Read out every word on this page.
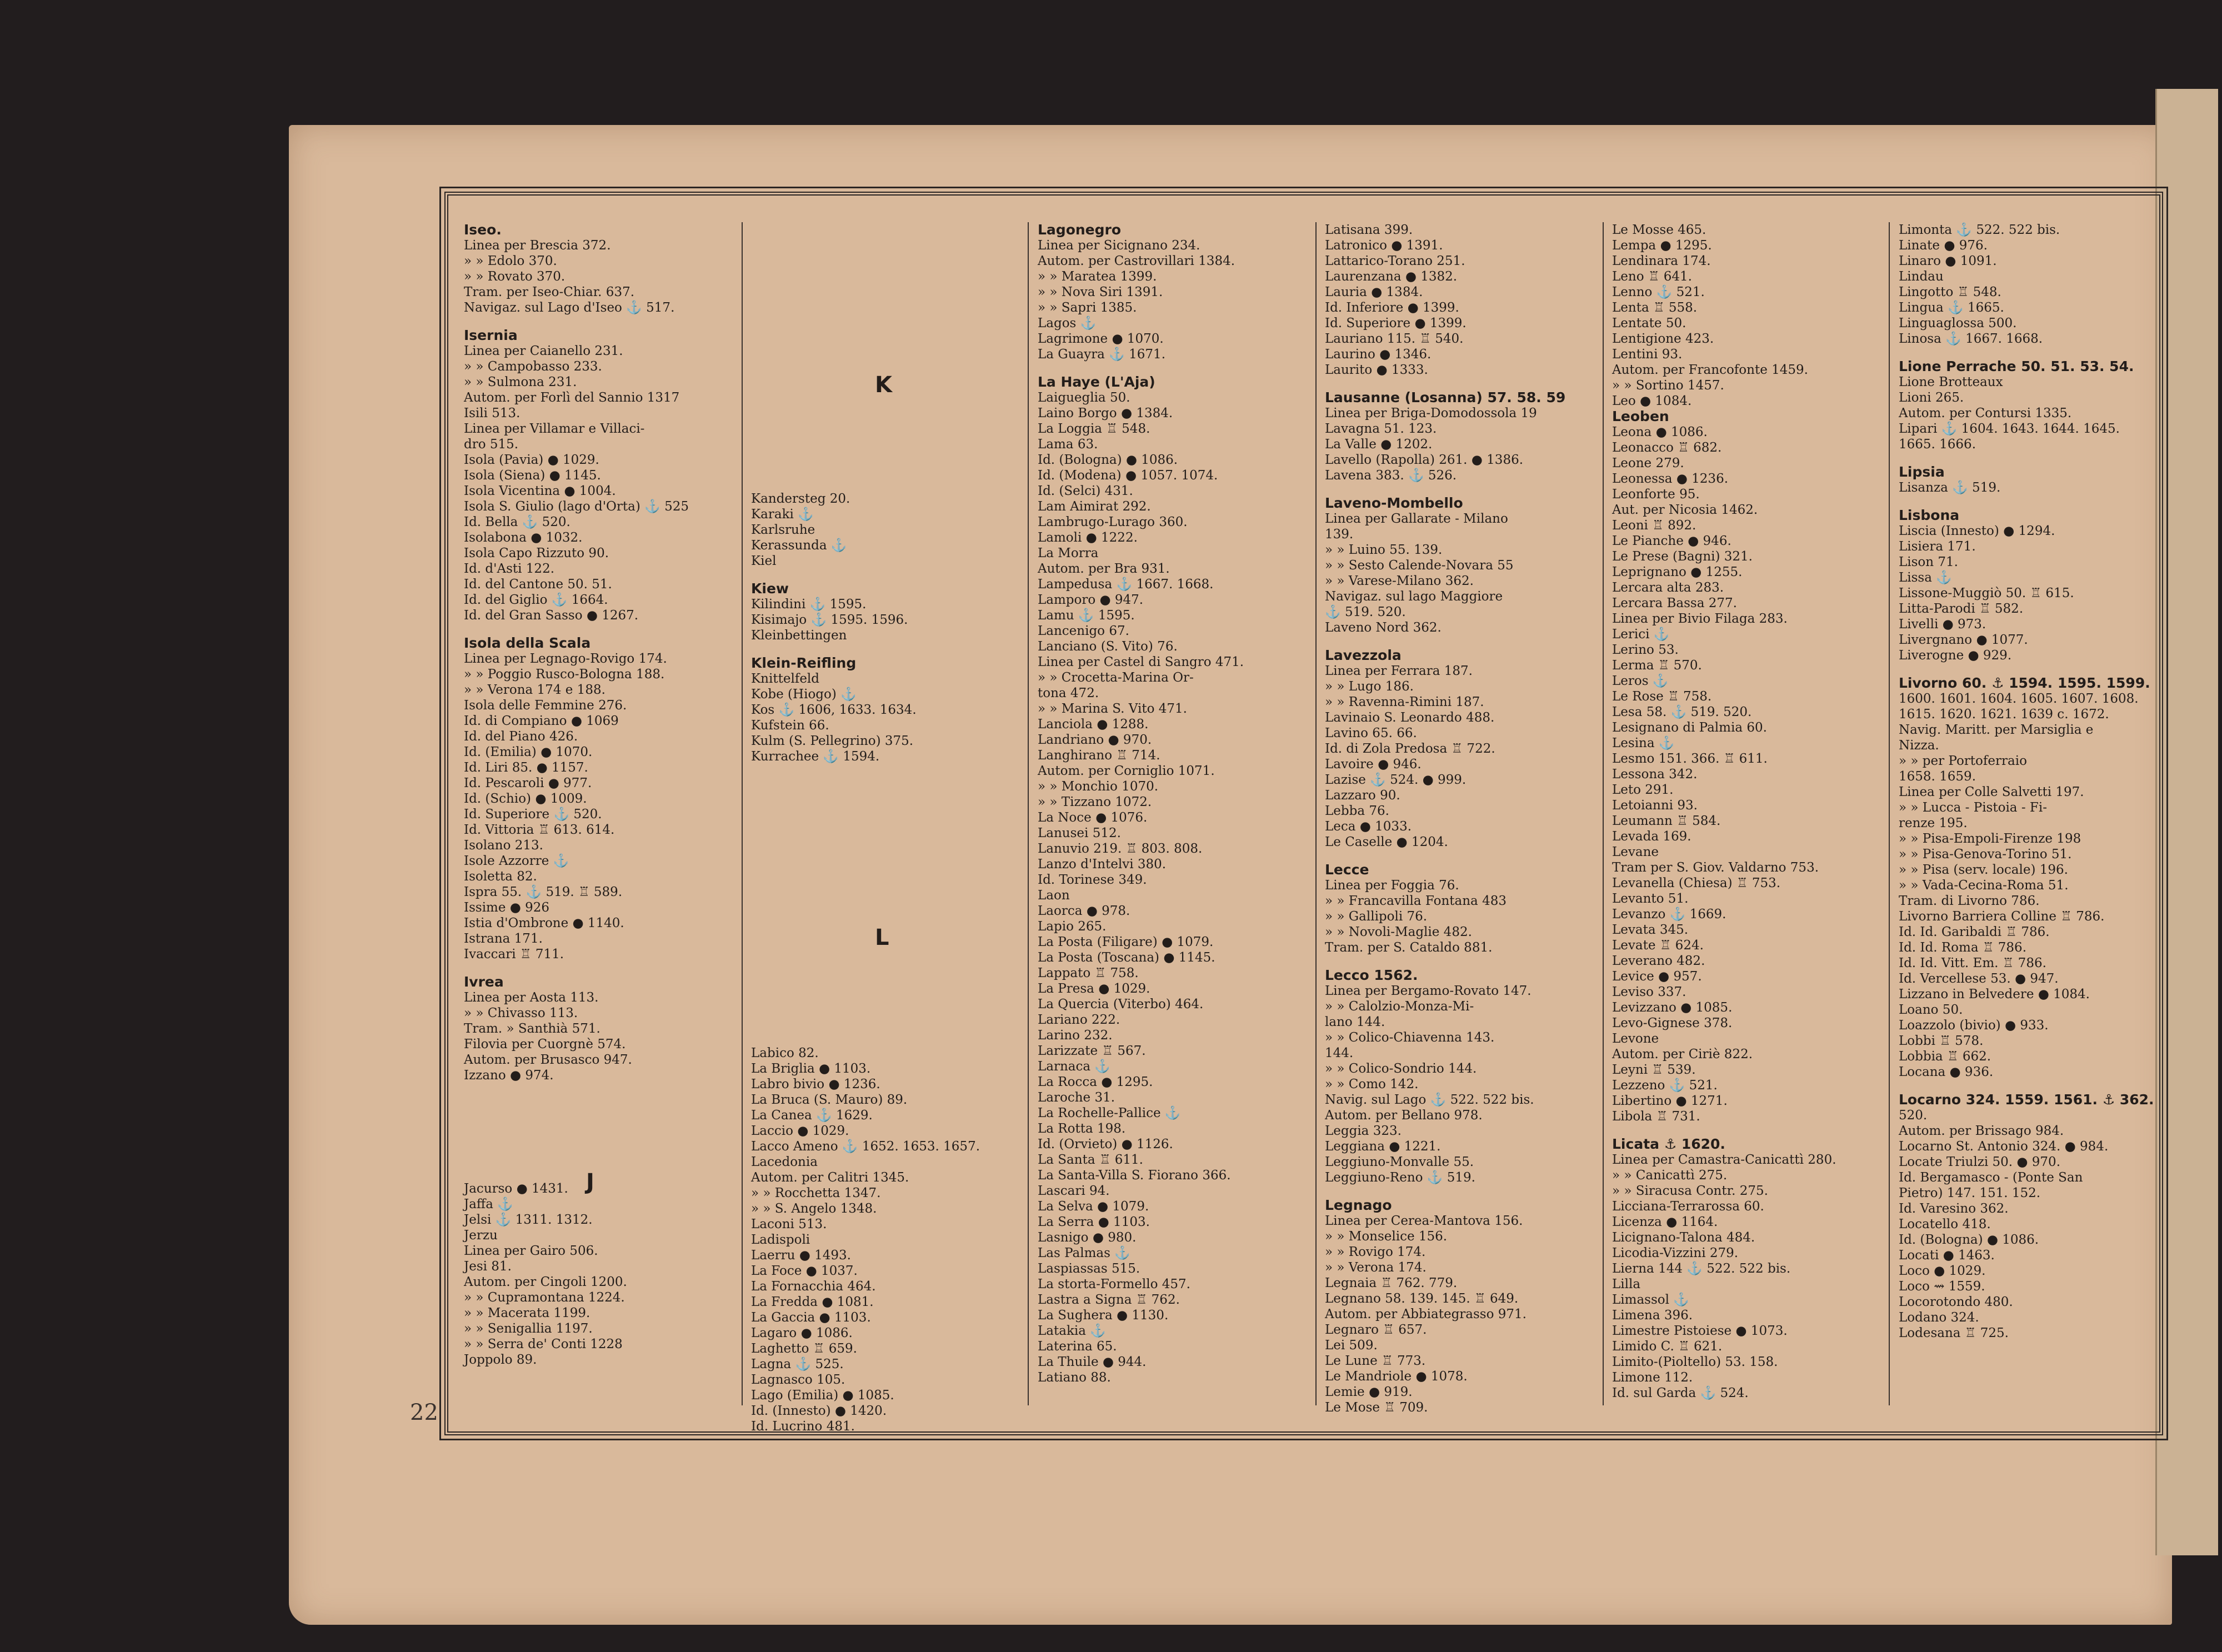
Iseo.
Linea per Brescia 372.
» » Edolo 370.
» » Rovato 370.
Tram. per Iseo-Chiar. 637.
Navigaz. sul Lago d'Iseo ⚓ 517.
Isernia
Linea per Caianello 231.
» » Campobasso 233.
» » Sulmona 231.
Autom. per Forlì del Sannio 1317
Isili 513.
Linea per Villamar e Villaci-
dro 515.
Isola (Pavia) ● 1029.
Isola (Siena) ● 1145.
Isola Vicentina ● 1004.
Isola S. Giulio (lago d'Orta) ⚓ 525
Id. Bella ⚓ 520.
Isolabona ● 1032.
Isola Capo Rizzuto 90.
Id. d'Asti 122.
Id. del Cantone 50. 51.
Id. del Giglio ⚓ 1664.
Id. del Gran Sasso ● 1267.
Isola della Scala
Linea per Legnago-Rovigo 174.
» » Poggio Rusco-Bologna 188.
» » Verona 174 e 188.
Isola delle Femmine 276.
Id. di Compiano ● 1069
Id. del Piano 426.
Id. (Emilia) ● 1070.
Id. Liri 85. ● 1157.
Id. Pescaroli ● 977.
Id. (Schio) ● 1009.
Id. Superiore ⚓ 520.
Id. Vittoria ♖ 613. 614.
Isolano 213.
Isole Azzorre ⚓
Isoletta 82.
Ispra 55. ⚓ 519. ♖ 589.
Issime ● 926
Istia d'Ombrone ● 1140.
Istrana 171.
Ivaccari ♖ 711.
Ivrea
Linea per Aosta 113.
» » Chivasso 113.
Tram. » Santhià 571.
Filovia per Cuorgnè 574.
Autom. per Brusasco 947.
Izzano ● 974.
Jacurso ● 1431.
Jaffa ⚓
Jelsi ⚓ 1311. 1312.
Jerzu
Linea per Gairo 506.
Jesi 81.
Autom. per Cingoli 1200.
» » Cupramontana 1224.
» » Macerata 1199.
» » Senigallia 1197.
» » Serra de' Conti 1228
Joppolo 89.
Kandersteg 20.
Karaki ⚓
Karlsruhe
Kerassunda ⚓
Kiel
Kiew
Kilindini ⚓ 1595.
Kisimajo ⚓ 1595. 1596.
Kleinbettingen
Klein-Reifling
Knittelfeld
Kobe (Hiogo) ⚓
Kos ⚓ 1606, 1633. 1634.
Kufstein 66.
Kulm (S. Pellegrino) 375.
Kurrachee ⚓ 1594.
Labico 82.
La Briglia ● 1103.
Labro bivio ● 1236.
La Bruca (S. Mauro) 89.
La Canea ⚓ 1629.
Laccio ● 1029.
Lacco Ameno ⚓ 1652. 1653. 1657.
Lacedonia
Autom. per Calitri 1345.
» » Rocchetta 1347.
» » S. Angelo 1348.
Laconi 513.
Ladispoli
Laerru ● 1493.
La Foce ● 1037.
La Fornacchia 464.
La Fredda ● 1081.
La Gaccia ● 1103.
Lagaro ● 1086.
Laghetto ♖ 659.
Lagna ⚓ 525.
Lagnasco 105.
Lago (Emilia) ● 1085.
Id. (Innesto) ● 1420.
Id. Lucrino 481.
Lagonegro
Linea per Sicignano 234.
Autom. per Castrovillari 1384.
» » Maratea 1399.
» » Nova Siri 1391.
» » Sapri 1385.
Lagos ⚓
Lagrimone ● 1070.
La Guayra ⚓ 1671.
La Haye (L'Aja)
Laigueglia 50.
Laino Borgo ● 1384.
La Loggia ♖ 548.
Lama 63.
Id. (Bologna) ● 1086.
Id. (Modena) ● 1057. 1074.
Id. (Selci) 431.
Lam Aimirat 292.
Lambrugo-Lurago 360.
Lamoli ● 1222.
La Morra
Autom. per Bra 931.
Lampedusa ⚓ 1667. 1668.
Lamporo ● 947.
Lamu ⚓ 1595.
Lancenigo 67.
Lanciano (S. Vito) 76.
Linea per Castel di Sangro 471.
» » Crocetta-Marina Or-
tona 472.
» » Marina S. Vito 471.
Lanciola ● 1288.
Landriano ● 970.
Langhirano ♖ 714.
Autom. per Corniglio 1071.
» » Monchio 1070.
» » Tizzano 1072.
La Noce ● 1076.
Lanusei 512.
Lanuvio 219. ♖ 803. 808.
Lanzo d'Intelvi 380.
Id. Torinese 349.
Laon
Laorca ● 978.
Lapio 265.
La Posta (Filigare) ● 1079.
La Posta (Toscana) ● 1145.
Lappato ♖ 758.
La Presa ● 1029.
La Quercia (Viterbo) 464.
Lariano 222.
Larino 232.
Larizzate ♖ 567.
Larnaca ⚓
La Rocca ● 1295.
Laroche 31.
La Rochelle-Pallice ⚓
La Rotta 198.
Id. (Orvieto) ● 1126.
La Santa ♖ 611.
La Santa-Villa S. Fiorano 366.
Lascari 94.
La Selva ● 1079.
La Serra ● 1103.
Lasnigo ● 980.
Las Palmas ⚓
Laspiassas 515.
La storta-Formello 457.
Lastra a Signa ♖ 762.
La Sughera ● 1130.
Latakia ⚓
Laterina 65.
La Thuile ● 944.
Latiano 88.
Latisana 399.
Latronico ● 1391.
Lattarico-Torano 251.
Laurenzana ● 1382.
Lauria ● 1384.
Id. Inferiore ● 1399.
Id. Superiore ● 1399.
Lauriano 115. ♖ 540.
Laurino ● 1346.
Laurito ● 1333.
Lausanne (Losanna) 57. 58. 59
Linea per Briga-Domodossola 19
Lavagna 51. 123.
La Valle ● 1202.
Lavello (Rapolla) 261. ● 1386.
Lavena 383. ⚓ 526.
Laveno-Mombello
Linea per Gallarate - Milano
139.
» » Luino 55. 139.
» » Sesto Calende-Novara 55
» » Varese-Milano 362.
Navigaz. sul lago Maggiore
⚓ 519. 520.
Laveno Nord 362.
Lavezzola
Linea per Ferrara 187.
» » Lugo 186.
» » Ravenna-Rimini 187.
Lavinaio S. Leonardo 488.
Lavino 65. 66.
Id. di Zola Predosa ♖ 722.
Lavoire ● 946.
Lazise ⚓ 524. ● 999.
Lazzaro 90.
Lebba 76.
Leca ● 1033.
Le Caselle ● 1204.
Lecce
Linea per Foggia 76.
» » Francavilla Fontana 483
» » Gallipoli 76.
» » Novoli-Maglie 482.
Tram. per S. Cataldo 881.
Lecco 1562.
Linea per Bergamo-Rovato 147.
» » Calolzio-Monza-Mi-
lano 144.
» » Colico-Chiavenna 143.
144.
» » Colico-Sondrio 144.
» » Como 142.
Navig. sul Lago ⚓ 522. 522 bis.
Autom. per Bellano 978.
Leggia 323.
Leggiana ● 1221.
Leggiuno-Monvalle 55.
Leggiuno-Reno ⚓ 519.
Legnago
Linea per Cerea-Mantova 156.
» » Monselice 156.
» » Rovigo 174.
» » Verona 174.
Legnaia ♖ 762. 779.
Legnano 58. 139. 145. ♖ 649.
Autom. per Abbiategrasso 971.
Legnaro ♖ 657.
Lei 509.
Le Lune ♖ 773.
Le Mandriole ● 1078.
Lemie ● 919.
Le Mose ♖ 709.
Le Mosse 465.
Lempa ● 1295.
Lendinara 174.
Leno ♖ 641.
Lenno ⚓ 521.
Lenta ♖ 558.
Lentate 50.
Lentigione 423.
Lentini 93.
Autom. per Francofonte 1459.
» » Sortino 1457.
Leo ● 1084.
Leoben
Leona ● 1086.
Leonacco ♖ 682.
Leone 279.
Leonessa ● 1236.
Leonforte 95.
Aut. per Nicosia 1462.
Leoni ♖ 892.
Le Pianche ● 946.
Le Prese (Bagni) 321.
Leprignano ● 1255.
Lercara alta 283.
Lercara Bassa 277.
Linea per Bivio Filaga 283.
Lerici ⚓
Lerino 53.
Lerma ♖ 570.
Leros ⚓
Le Rose ♖ 758.
Lesa 58. ⚓ 519. 520.
Lesignano di Palmia 60.
Lesina ⚓
Lesmo 151. 366. ♖ 611.
Lessona 342.
Leto 291.
Letoianni 93.
Leumann ♖ 584.
Levada 169.
Levane
Tram per S. Giov. Valdarno 753.
Levanella (Chiesa) ♖ 753.
Levanto 51.
Levanzo ⚓ 1669.
Levata 345.
Levate ♖ 624.
Leverano 482.
Levice ● 957.
Leviso 337.
Levizzano ● 1085.
Levo-Gignese 378.
Levone
Autom. per Ciriè 822.
Leyni ♖ 539.
Lezzeno ⚓ 521.
Libertino ● 1271.
Libola ♖ 731.
Licata ⚓ 1620.
Linea per Camastra-Canicattì 280.
» » Canicattì 275.
» » Siracusa Contr. 275.
Licciana-Terrarossa 60.
Licenza ● 1164.
Licignano-Talona 484.
Licodia-Vizzini 279.
Lierna 144 ⚓ 522. 522 bis.
Lilla
Limassol ⚓
Limena 396.
Limestre Pistoiese ● 1073.
Limido C. ♖ 621.
Limito-(Pioltello) 53. 158.
Limone 112.
Id. sul Garda ⚓ 524.
Limonta ⚓ 522. 522 bis.
Linate ● 976.
Linaro ● 1091.
Lindau
Lingotto ♖ 548.
Lingua ⚓ 1665.
Linguaglossa 500.
Linosa ⚓ 1667. 1668.
Lione Perrache 50. 51. 53. 54.
Lione Brotteaux
Lioni 265.
Autom. per Contursi 1335.
Lipari ⚓ 1604. 1643. 1644. 1645.
1665. 1666.
Lipsia
Lisanza ⚓ 519.
Lisbona
Liscia (Innesto) ● 1294.
Lisiera 171.
Lison 71.
Lissa ⚓
Lissone-Muggiò 50. ♖ 615.
Litta-Parodi ♖ 582.
Livelli ● 973.
Livergnano ● 1077.
Liverogne ● 929.
Livorno 60. ⚓ 1594. 1595. 1599.
1600. 1601. 1604. 1605. 1607. 1608.
1615. 1620. 1621. 1639 c. 1672.
Navig. Maritt. per Marsiglia e
Nizza.
» » per Portoferraio
1658. 1659.
Linea per Colle Salvetti 197.
» » Lucca - Pistoia - Fi-
renze 195.
» » Pisa-Empoli-Firenze 198
» » Pisa-Genova-Torino 51.
» » Pisa (serv. locale) 196.
» » Vada-Cecina-Roma 51.
Tram. di Livorno 786.
Livorno Barriera Colline ♖ 786.
Id. Id. Garibaldi ♖ 786.
Id. Id. Roma ♖ 786.
Id. Id. Vitt. Em. ♖ 786.
Id. Vercellese 53. ● 947.
Lizzano in Belvedere ● 1084.
Loano 50.
Loazzolo (bivio) ● 933.
Lobbi ♖ 578.
Lobbia ♖ 662.
Locana ● 936.
Locarno 324. 1559. 1561. ⚓ 362.
520.
Autom. per Brissago 984.
Locarno St. Antonio 324. ● 984.
Locate Triulzi 50. ● 970.
Id. Bergamasco - (Ponte San
Pietro) 147. 151. 152.
Id. Varesino 362.
Locatello 418.
Id. (Bologna) ● 1086.
Locati ● 1463.
Loco ● 1029.
Loco ⇝ 1559.
Locorotondo 480.
Lodano 324.
Lodesana ♖ 725.
K
L
J
22
